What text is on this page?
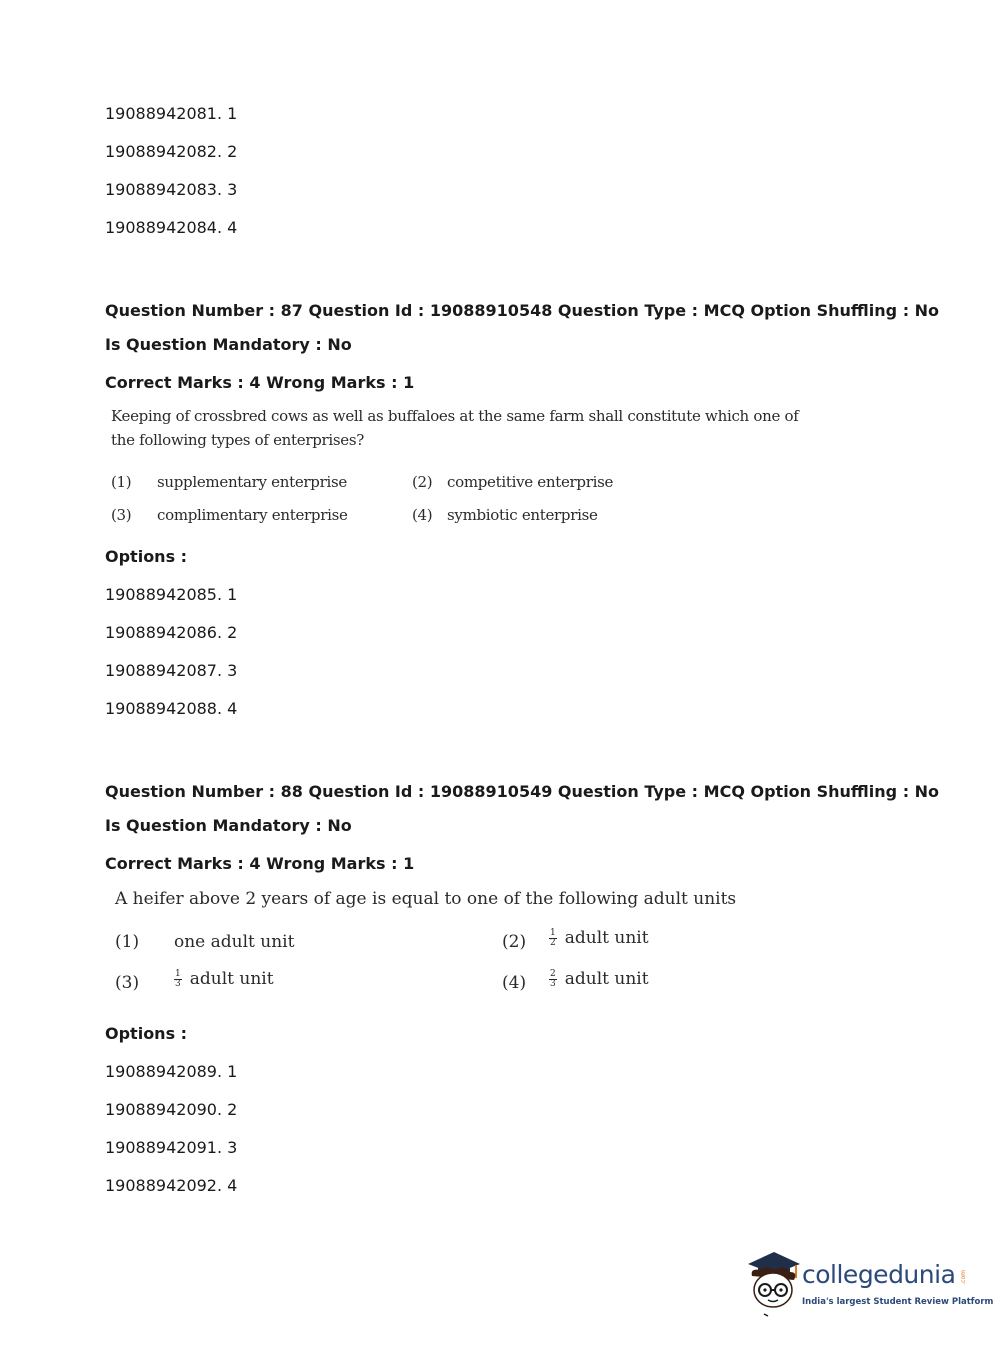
19088942081. 1
19088942082. 2
19088942083. 3
19088942084. 4
Question Number : 87 Question Id : 19088910548 Question Type : MCQ Option Shuffling : No
Is Question Mandatory : No
Correct Marks : 4 Wrong Marks : 1
Keeping of crossbred cows as well as buffaloes at the same farm shall constitute which one of
the following types of enterprises?
(1) supplementary enterprise	(2) competitive enterprise
(3) complimentary enterprise	(4) symbiotic enterprise
Options :
19088942085. 1
19088942086. 2
19088942087. 3
19088942088. 4
Question Number : 88 Question Id : 19088910549 Question Type : MCQ Option Shuffling : No
Is Question Mandatory : No
Correct Marks : 4 Wrong Marks : 1
A heifer above 2 years of age is equal to one of the following adult units
(1) one adult unit	(2)	$\frac{1}{2}$ adult unit
(3)	$\frac{1}{3}$ adult unit	(4)	$\frac{2}{3}$ adult unit
Options :
19088942089. 1
19088942090. 2
19088942091. 3
19088942092. 4
collegedunia .com
India's largest Student Review Platform
